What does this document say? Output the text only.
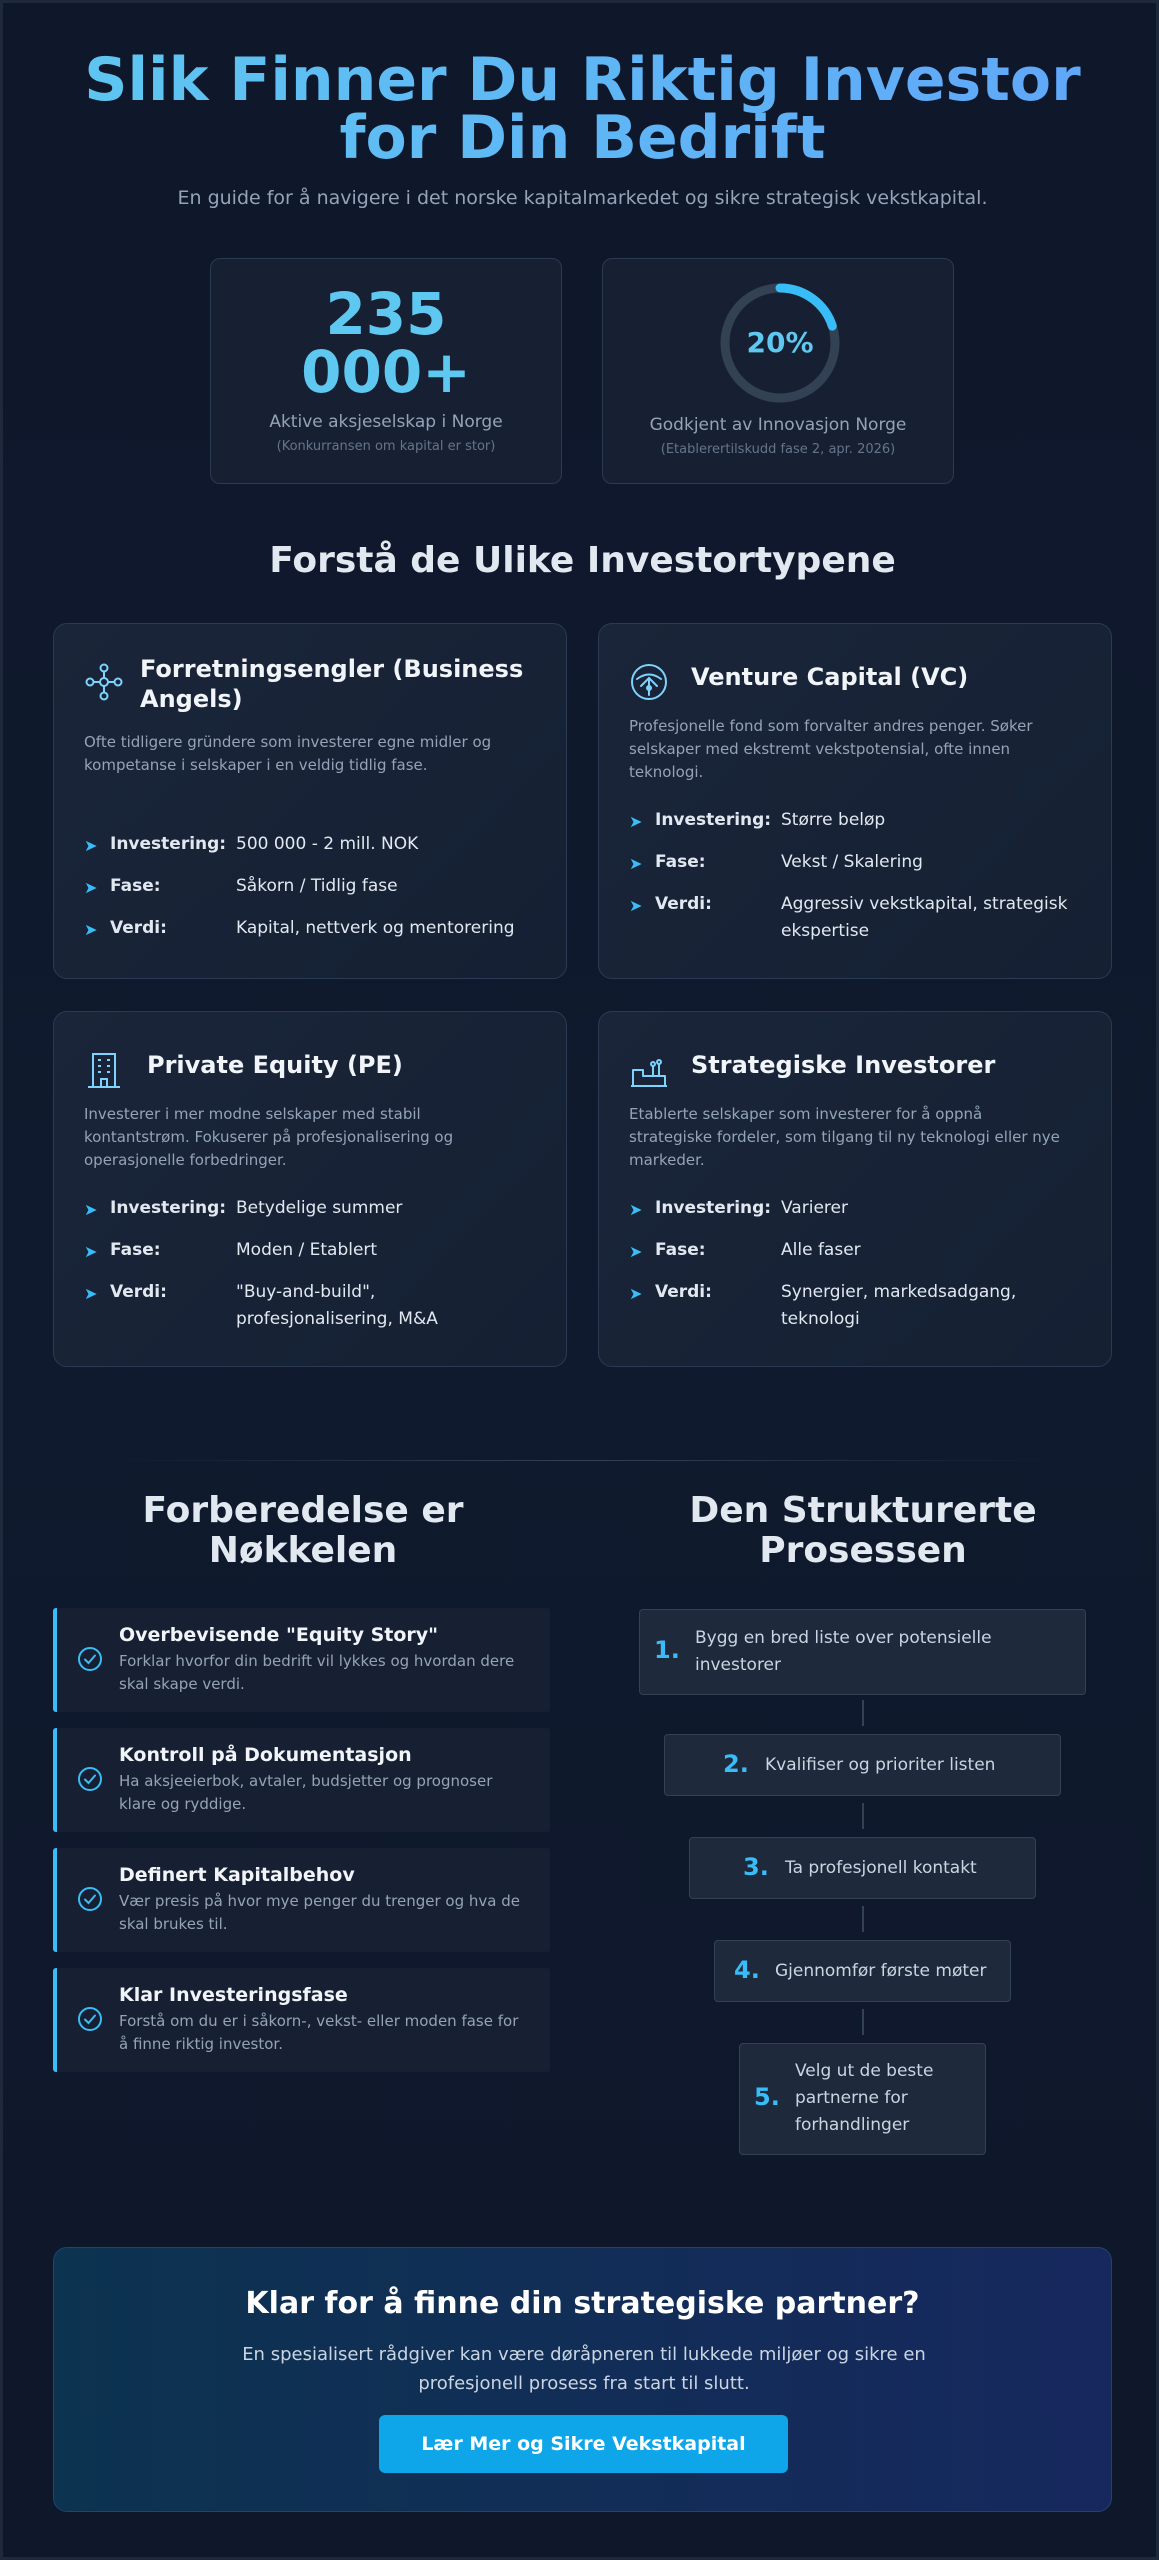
Slik Finner Du Riktig Investor
for Din Bedrift
En guide for å navigere i det norske kapitalmarkedet og sikre strategisk vekstkapital.
235
000+
Aktive aksjeselskap i Norge
(Konkurransen om kapital er stor)
20%
Godkjent av Innovasjon Norge
(Etablerertilskudd fase 2, apr. 2026)
Forstå de Ulike Investortypene
Forretningsengler (Business
Angels)
Ofte tidligere gründere som investerer egne midler og
kompetanse i selskaper i en veldig tidlig fase.
➤ Investering: 500 000 - 2 mill. NOK
➤ Fase:	Såkorn / Tidlig fase
➤ Verdi:	Kapital, nettverk og mentorering
Venture Capital (VC)
Profesjonelle fond som forvalter andres penger. Søker
selskaper med ekstremt vekstpotensial, ofte innen
teknologi.
➤ Investering: Større beløp
➤ Fase:	Vekst / Skalering
➤ Verdi:	Aggressiv vekstkapital, strategisk
ekspertise
Private Equity (PE)
Investerer i mer modne selskaper med stabil
kontantstrøm. Fokuserer på profesjonalisering og
operasjonelle forbedringer.
➤ Investering: Betydelige summer
➤ Fase:	Moden / Etablert
➤ Verdi:	"Buy-and-build",
profesjonalisering, M&A
Strategiske Investorer
Etablerte selskaper som investerer for å oppnå
strategiske fordeler, som tilgang til ny teknologi eller nye
markeder.
➤ Investering: Varierer
➤ Fase:	Alle faser
➤ Verdi:	Synergier, markedsadgang,
teknologi
Forberedelse er
Nøkkelen
Overbevisende "Equity Story"
Forklar hvorfor din bedrift vil lykkes og hvordan dere
skal skape verdi.
Kontroll på Dokumentasjon
Ha aksjeeierbok, avtaler, budsjetter og prognoser
klare og ryddige.
Definert Kapitalbehov
Vær presis på hvor mye penger du trenger og hva de
skal brukes til.
Klar Investeringsfase
Forstå om du er i såkorn-, vekst- eller moden fase for
å finne riktig investor.
Den Strukturerte
Prosessen
1. Bygg en bred liste over potensielle
investorer
2. Kvalifiser og prioriter listen
3. Ta profesjonell kontakt
4. Gjennomfør første møter
5.
Velg ut de beste
partnerne for
forhandlinger
Klar for å finne din strategiske partner?
En spesialisert rådgiver kan være døråpneren til lukkede miljøer og sikre en
profesjonell prosess fra start til slutt.
Lær Mer og Sikre Vekstkapital
